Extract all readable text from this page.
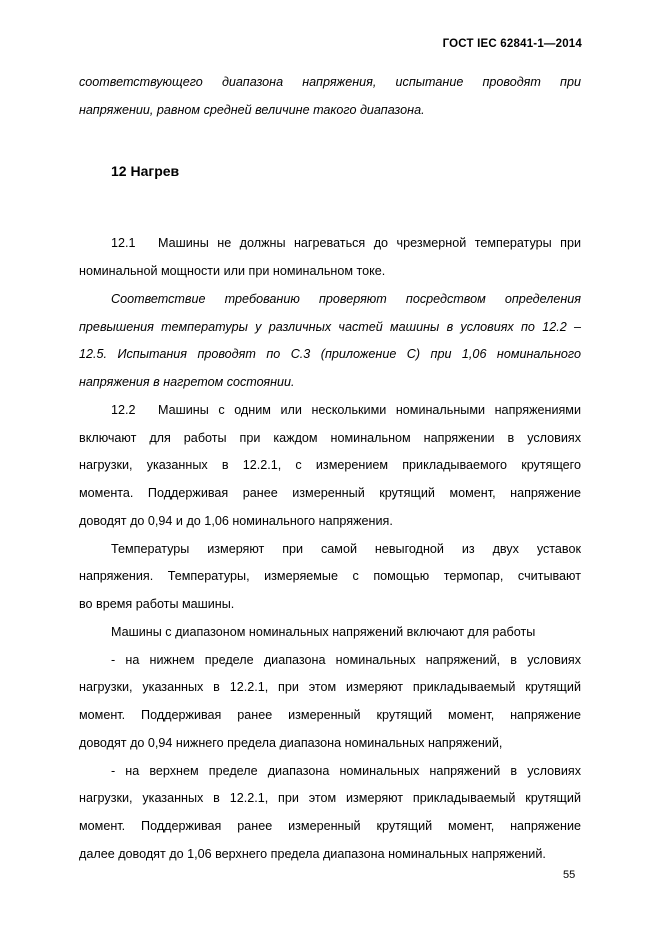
ГОСТ IEC 62841-1—2014
соответствующего диапазона напряжения, испытание проводят при
напряжении, равном средней величине такого диапазона.
12 Нагрев
12.1 Машины не должны нагреваться до чрезмерной температуры при
номинальной мощности или при номинальном токе.
Соответствие требованию проверяют посредством определения
превышения температуры у различных частей машины в условиях по 12.2 –
12.5. Испытания проводят по С.3 (приложение С) при 1,06 номинального
напряжения в нагретом состоянии.
12.2 Машины с одним или несколькими номинальными напряжениями
включают для работы при каждом номинальном напряжении в условиях
нагрузки, указанных в 12.2.1, с измерением прикладываемого крутящего
момента. Поддерживая ранее измеренный крутящий момент, напряжение
доводят до 0,94 и до 1,06 номинального напряжения.
Температуры измеряют при самой невыгодной из двух уставок
напряжения. Температуры, измеряемые с помощью термопар, считывают
во время работы машины.
Машины с диапазоном номинальных напряжений включают для работы
- на нижнем пределе диапазона номинальных напряжений, в условиях
нагрузки, указанных в 12.2.1, при этом измеряют прикладываемый крутящий
момент. Поддерживая ранее измеренный крутящий момент, напряжение
доводят до 0,94 нижнего предела диапазона номинальных напряжений,
- на верхнем пределе диапазона номинальных напряжений в условиях
нагрузки, указанных в 12.2.1, при этом измеряют прикладываемый крутящий
момент. Поддерживая ранее измеренный крутящий момент, напряжение
далее доводят до 1,06 верхнего предела диапазона номинальных напряжений.
55
